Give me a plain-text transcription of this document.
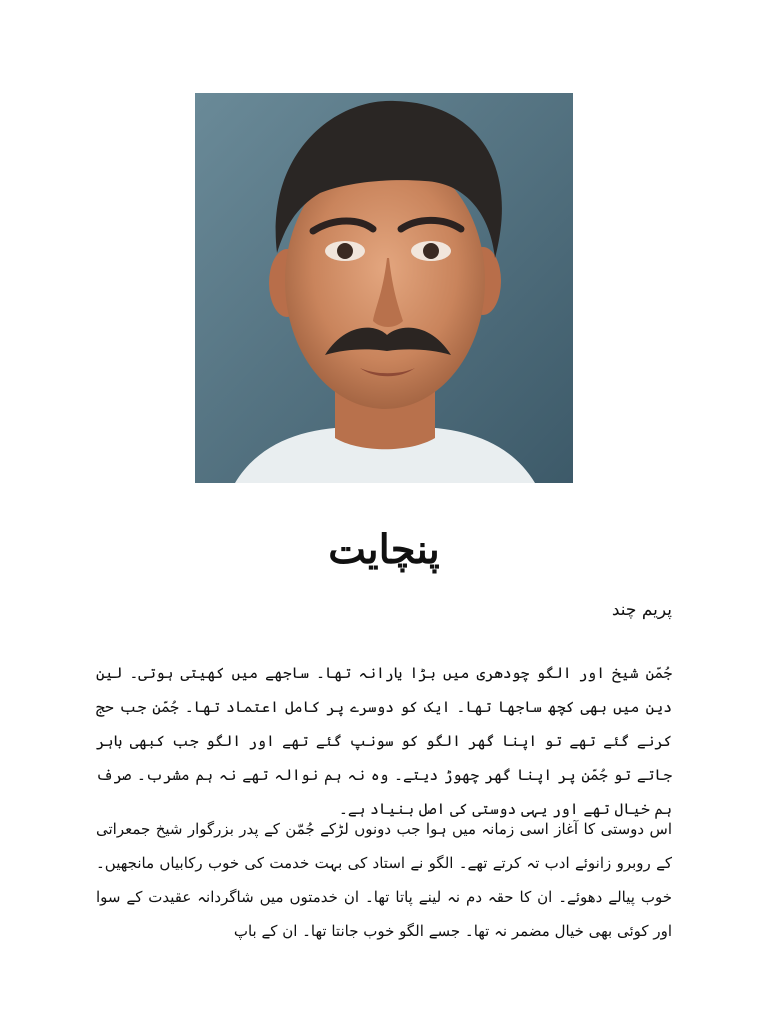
پنچایت

پریم چند

جُمّن شیخ اور الگو چودھری میں بڑا یارانہ تھا۔ ساجھے میں کھیتی ہوتی۔ لین دین میں بھی کچھ ساجھا تھا۔ ایک کو دوسرے پر کامل اعتماد تھا۔ جُمّن جب حج کرنے گئے تھے تو اپنا گھر الگو کو سونپ گئے تھے اور الگو جب کبھی باہر جاتے تو جُمّن پر اپنا گھر چھوڑ دیتے۔ وہ نہ ہم نوالہ تھے نہ ہم مشرب۔ صرف ہم خیال تھے اور یہی دوستی کی اصل بنیاد ہے۔

اس دوستی کا آغاز اسی زمانہ میں ہوا جب دونوں لڑکے جُمّن کے پدر بزرگوار شیخ جمعراتی کے روبرو زانوئے ادب تہ کرتے تھے۔ الگو نے استاد کی بہت خدمت کی خوب رکابیاں مانجھیں۔ خوب پیالے دھوئے۔ ان کا حقہ دم نہ لینے پاتا تھا۔ ان خدمتوں میں شاگردانہ عقیدت کے سوا اور کوئی بھی خیال مضمر نہ تھا۔ جسے الگو خوب جانتا تھا۔ ان کے باپ
